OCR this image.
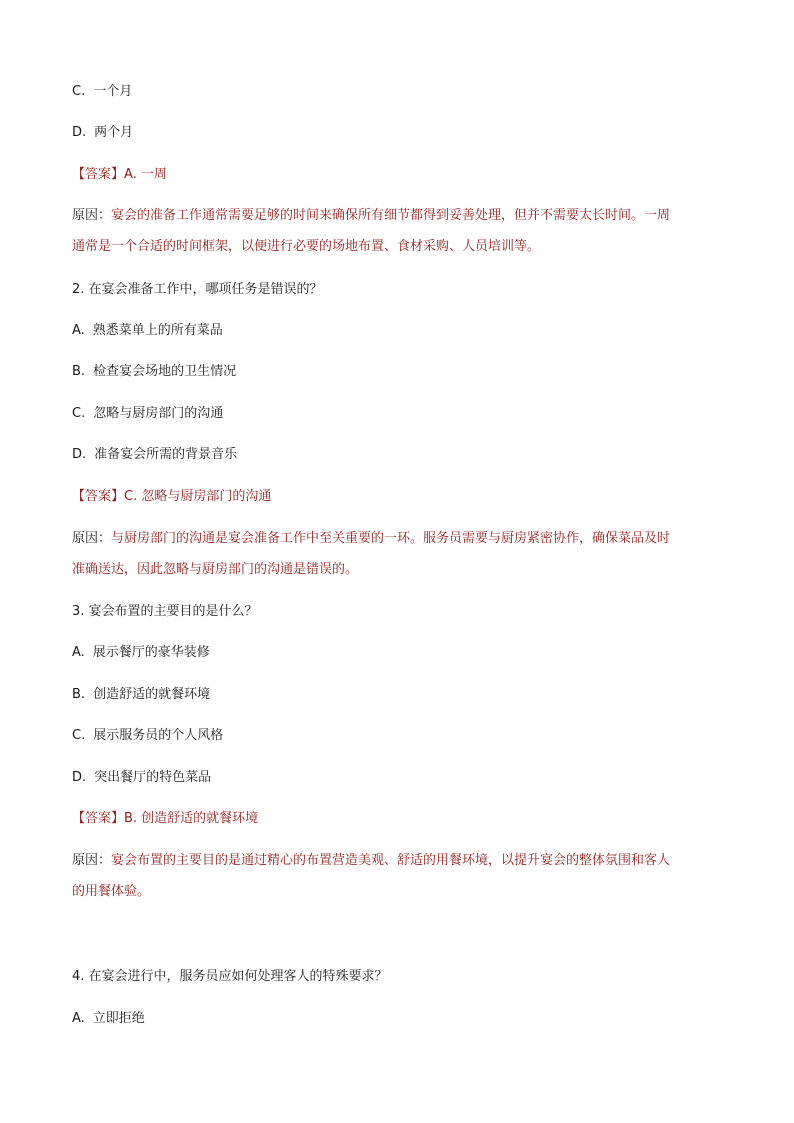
C. 一个月
D. 两个月
【答案】A. 一周
原因：宴会的准备工作通常需要足够的时间来确保所有细节都得到妥善处理，但并不需要太长时间。一周
通常是一个合适的时间框架，以便进行必要的场地布置、食材采购、人员培训等。
2. 在宴会准备工作中，哪项任务是错误的？
A. 熟悉菜单上的所有菜品
B. 检查宴会场地的卫生情况
C. 忽略与厨房部门的沟通
D. 准备宴会所需的背景音乐
【答案】C. 忽略与厨房部门的沟通
原因：与厨房部门的沟通是宴会准备工作中至关重要的一环。服务员需要与厨房紧密协作，确保菜品及时
准确送达，因此忽略与厨房部门的沟通是错误的。
3. 宴会布置的主要目的是什么？
A. 展示餐厅的豪华装修
B. 创造舒适的就餐环境
C. 展示服务员的个人风格
D. 突出餐厅的特色菜品
【答案】B. 创造舒适的就餐环境
原因：宴会布置的主要目的是通过精心的布置营造美观、舒适的用餐环境，以提升宴会的整体氛围和客人
的用餐体验。
4. 在宴会进行中，服务员应如何处理客人的特殊要求？
A. 立即拒绝
